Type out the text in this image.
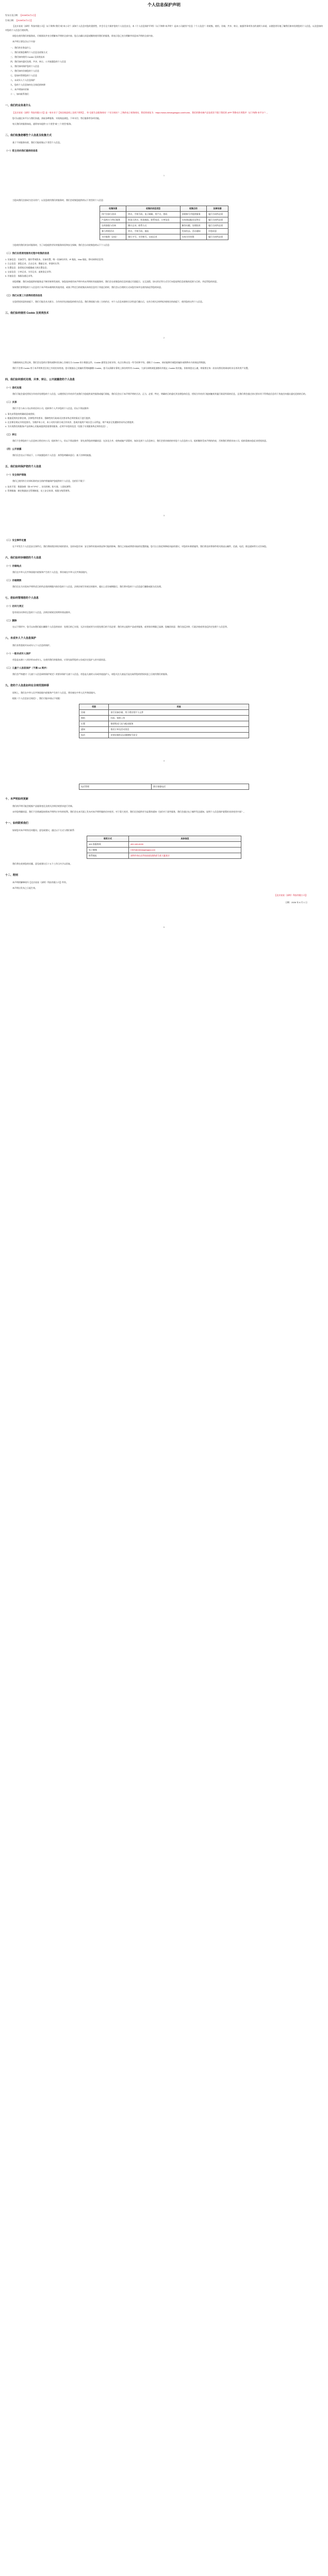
个人信息保护声明
发布方及日期：【2026年6月1日】
生效日期：【2026年6月1日】

【北京星星（深圳）科技有限公司】（以下简称“我们”或“本公司”）深知个人信息对您的重要性，并会尽全力保护您的个人信息安全。本《个人信息保护声明》（以下简称“本声明”）是本公司就用户信息（“个人信息”）的收集、使用、存储、共享、转让、披露等事项作出的说明与承诺，以便您更好地了解我们如何处理您的个人信息，以及您如何对您的个人信息行使权利。

请您在使用我们的服务前，仔细阅读并充分理解本声明的全部内容。您点击确认同意或继续使用我们的服务，即表示您已充分理解并同意本声明的全部内容。

本声明主要包含以下内容：

一、我们的业务是什么
二、我们收集您哪些个人信息及收集方式
三、我们如何使用 Cookie 及同类技术
四、我们如何委托处理、共享、转让、公开披露您的个人信息
五、我们如何保护您的个人信息
六、我们如何存储您的个人信息
七、您如何管理您的个人信息
八、未成年人个人信息保护
九、您的个人信息如何在全球范围转移
十、本声明如何更新
十一、如何联系我们
一、我们的业务是什么

【北京星星（深圳）科技有限公司】是一家专业于【家居商品线上及线下销售】，有“全面生态服务网站”（“官方网站”）之称的电子商务网站，我们的网址为：https://www.chewegiangsa.com/home，我们的移动端产品包括但不限于我们的 APP 等移动应用程序（以下统称“本平台”）。

您可以通过本平台与我们沟通，获取各种服务，实现商品浏览、下单支付、售后服务等各项功能。

每天我们的服务如流，通常每年提供“五个类型”或“三个类型”服务。

二、我们收集您哪些个人信息及收集方式

基于不同服务场景，我们可能收集以下类型个人信息。

（一）您主动向我们提供的信息
1

当您向我们注册成为会员用户，以及您使用我们的服务时，我们会收集您提供的以下类型的个人信息：

收集场景	收集的信息类型	收集目的	法律依据
用户注册与登录	姓名、手机号码、电子邮箱、用户名、密码	创建账号并提供服务	履行合同所必需
产品购买与售后服务	收货人姓名、收货地址、联系电话、订单信息	完成商品配送及售后	履行合同所必需
在线客服与咨询	聊天记录、联系方式	解答问题、处理投诉	履行合同所必需
参与营销活动	姓名、手机号码、地址	发放奖品、活动通知	经您同意
支付服务（必选）	银行卡号、支付账号、交易记录	完成支付结算	履行合同所必需

当您使用我们的各项服务时，为了向您提供更好的服务体验和安全保障，我们会自动收集您的以下个人信息：

（二）我们在您使用服务过程中收集的信息
1. 设备信息：设备型号、操作系统版本、设备设置、唯一设备标识符、IP 地址、Mac 地址、移动网络信息等；
2. 日志信息：浏览记录、点击记录、搜索记录、停留时长等；
3. 位置信息：您授权后的精确或大致位置信息；
4. 交易信息：订单记录、支付记录、退换货记录等；
5. 其他信息：客服沟通记录等。

请您理解，我们向您提供的服务是不断更新和发展的，如您选择使用本声明中尚未列明的其他服务时，我们会在收集您的信息时通过页面提示、交互流程、协议约定等方式另行向您说明信息收集的范围与目的，并征得您的同意。

如果我们要将您的个人信息用于本声明未载明的其他用途，或基于特定目的收集而来的信息用于其他目的时，我们会以合理的方式向您告知并在使用前征得您的同意。

（三）我们从第三方获得的您的信息

在您授权同意的前提下，我们可能会从关联方、合作伙伴处获取您的相关信息。我们将依据与第三方的约定、对个人信息来源的合法性进行确认后，在符合相关法律和法规规定的前提下，使用您的这些个人信息。

三、我们如何使用 Cookie 及同类技术
2

为确保网站正常运转，我们会在您的计算机或移动设备上存储名为 Cookie 的小数据文件。Cookie 通常包含标识符、站点名称以及一些号码和字符。借助于 Cookie，网站能够存储您的偏好或购物车内的商品等数据。

我们不会将 Cookie 用于本声明所述目的之外的任何用途。您可根据自己的偏好管理或删除 Cookie。您可以清除计算机上保存的所有 Cookie，大部分网络浏览器都设有阻止 Cookie 的功能。但如果您这么做，则需要在每一次访问我们的网站时亲自更改用户设置。

四、我们如何委托处理、共享、转让、公开披露您的个人信息
（一）委托处理

我们可能会委托授权合作伙伴处理您的个人信息，以便授权合作伙伴代表我们为您提供某些服务或履行职能。我们仅会出于本声明声明的合法、正当、必要、特定、明确的目的委托其处理您的信息，授权合作伙伴只能接触到其履行职责所需的信息，且我们将会通过协议要求其不得将此信息用于其他任何超出委托范围的目的。

（二）共享

我们不会与本公司以外的任何公司、组织和个人共享您的个人信息，但以下情况除外：

1. 事先获得您的明确同意或授权；
2. 根据适用的法律法规、法律程序的要求、强制性的行政或司法要求所必须的情况下进行提供；
3. 在法律法规允许的范围内，为维护本公司、本公司的关联方或合作伙伴、您或其他用户或社会公众利益、财产或安全免遭损害而有必要提供；
4. 为实现我们的服务/产品的核心功能或提供您需要的服务，必须共享您的信息（仅限于实现服务所必须的信息）。
（三）转让

我们不会将您的个人信息转让给任何公司、组织和个人，但以下情况除外：事先获得您的明确同意；在涉及合并、收购或破产清算时，如涉及到个人信息转让，我们会要求新的持有您个人信息的公司、组织继续受本声明的约束，否则我们将要求该公司、组织重新向您征求授权同意。

（四）公开披露

我们仅会在以下情况下，公开披露您的个人信息：获得您明确同意后；基于法律的披露。

五、我们如何保护您的个人信息
（一）安全保护措施

我们已使用符合业界标准的安全防护措施保护您提供的个人信息，包括但不限于：

1. 技术手段：数据加密（如 HTTPS）、访问控制、防火墙、入侵检测等；
2. 管理措施：制定数据安全管理制度、员工安全培训、权限分级管理等。
3
（二）安全事件处置

在不幸发生个人信息安全事件后，我们将按照法律法规的要求，及时向您告知：安全事件的基本情况和可能的影响、我们已采取或将要采取的处置措施、您可自主防范和降低风险的建议、对您的补救措施等。我们将及时将事件相关情况以邮件、信函、电话、推送通知等方式告知您。

六、我们如何存储您的个人信息
（一）存储地点

我们在中华人民共和国境内收集和产生的个人信息，将存储在中华人民共和国境内。

（二）存储期限

我们仅在为实现本声明所述目的所必需的期限内保存您的个人信息，法律法规另有规定的除外。超出上述存储期限后，我们将对您的个人信息进行删除或匿名化处理。

七、您如何管理您的个人信息
（一）访问与更正

您有权访问和更正您的个人信息，法律法规规定的例外情况除外。

（二）删除

在以下情形中，您可以向我们提出删除个人信息的请求：处理目的已实现、无法实现或者为实现处理目的不再必要；我们停止提供产品或者服务，或者保存期限已届满；您撤回同意；我们违反法律、行政法规或者违反约定处理个人信息等。

八、未成年人个人信息保护

我们非常重视对未成年人个人信息的保护。

（一）一般未成年人保护

若您是未满十八周岁的未成年人，在使用我们的服务前，应事先取得您的父母或法定监护人的书面同意。

（二）儿童个人信息保护（不满 14 周岁）

我们会严格遵守《儿童个人信息网络保护规定》的要求保护儿童个人信息。若您是儿童的父母或其他监护人，请您关注儿童是否是在取得您的授权同意之后使用我们的服务。

九、您的个人信息如何在全球范围转移

原则上，我们在中华人民共和国境内收集和产生的个人信息，将存储在中华人民共和国境内。

根据《个人信息安全规范》，我们可能申请以下权限：

权限	用途
存储	读写设备存储，用于缓存图片与文件
相机	扫码、拍照上传
位置	推荐附近门店与配送服务
通知	推送订单及活动消息
电话	识别设备状态以保障账号安全
4
电话管理	拨打客服电话
十、本声明如何更新

我们的声明可能会根据产品服务变化及相关法律法规要求进行更新。

未经您明确同意，我们不会削减您按照本声明所应享有的权利。我们会在本页面上发布对本声明所做的任何变更。对于重大变更，我们还会提供更为显著的通知（包括对于某些服务，我们会通过电子邮件发送通知，说明个人信息保护政策的具体变更内容）。

十一、如何联系我们

如果您对本声明有任何疑问、意见或建议，通过以下方式与我们联系：

联系方式	具体信息
400 客服热线	400-165-8155
电子邮箱	CWG@chewegiangsa.com
联系地址	深圳市南山区科技园某某路某号某大厦某层

我们将在收到您的问题、意见或建议后十五个工作日内予以回复。

十二、附则

本声明的解释权归【北京星星（深圳）科技有限公司】所有。

本声明自发布之日起生效。

【北京星星（深圳）科技有限公司】
日期：2026 年 6 月 1 日
5
